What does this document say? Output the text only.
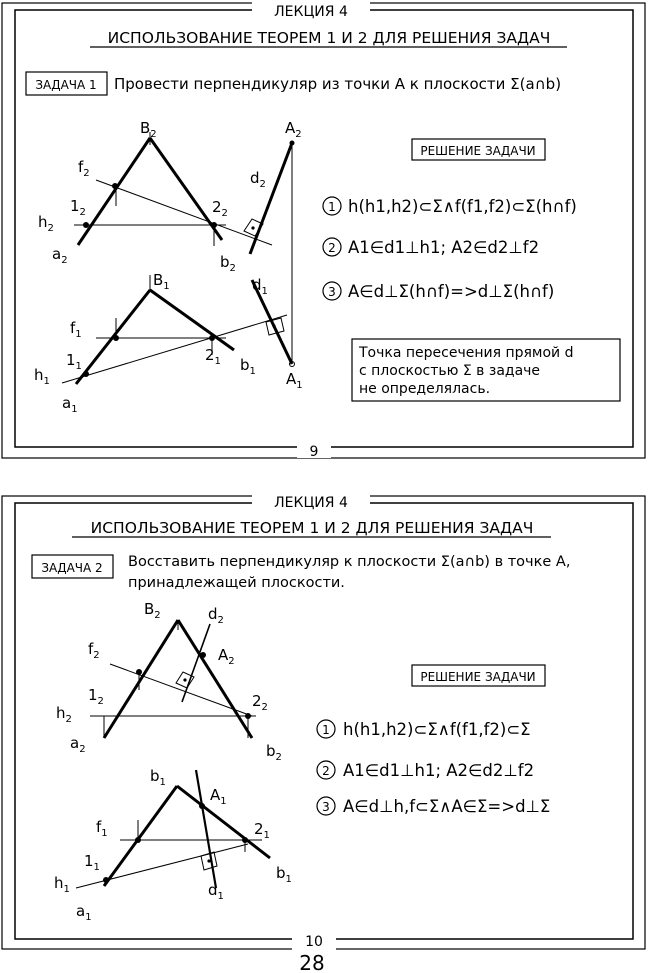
ЛЕКЦИЯ 4
9
ИСПОЛЬЗОВАНИЕ ТЕОРЕМ 1 И 2 ДЛЯ РЕШЕНИЯ ЗАДАЧ
ЗАДАЧА 1 Провести перпендикуляр из точки A к плоскости Σ(a∩b)
РЕШЕНИЕ ЗАДАЧИ
1 h(h1,h2)⊂Σ∧f(f1,f2)⊂Σ(h∩f)
2 A1∈d1⊥h1; A2∈d2⊥f2
3 A∈d⊥Σ(h∩f)=>d⊥Σ(h∩f)
Точка пересечения прямой d
с плоскостью Σ в задаче
не определялась.
$B_2$	$A_2$
$f_2$	$d_2$
$1_2$
$h_2$
$a_2$
$2_2$
$b_2$
$B_1$	$d_1$
$f_1$
$1_1$
$h_1$
$a_1$
$2_1$ $b_1$ $A_1$
ЛЕКЦИЯ 4
10
ИСПОЛЬЗОВАНИЕ ТЕОРЕМ 1 И 2 ДЛЯ РЕШЕНИЯ ЗАДАЧ
ЗАДАЧА 2 Восставить перпендикуляр к плоскости Σ(a∩b) в точке A,
принадлежащей плоскости.
РЕШЕНИЕ ЗАДАЧИ
1 h(h1,h2)⊂Σ∧f(f1,f2)⊂Σ
2 A1∈d1⊥h1; A2∈d2⊥f2
3 A∈d⊥h,f⊂Σ∧A∈Σ=>d⊥Σ
$B_2$	$d_2$
$f_2$	$A_2$
$1_2$
$h_2$
$2_2$
$a_2$	$b_2$
$b_1$
$A_1$
$f_1$	$2_1$
$1_1$	$b_1$
$h_1$	$d_1$
$a_1$
28
